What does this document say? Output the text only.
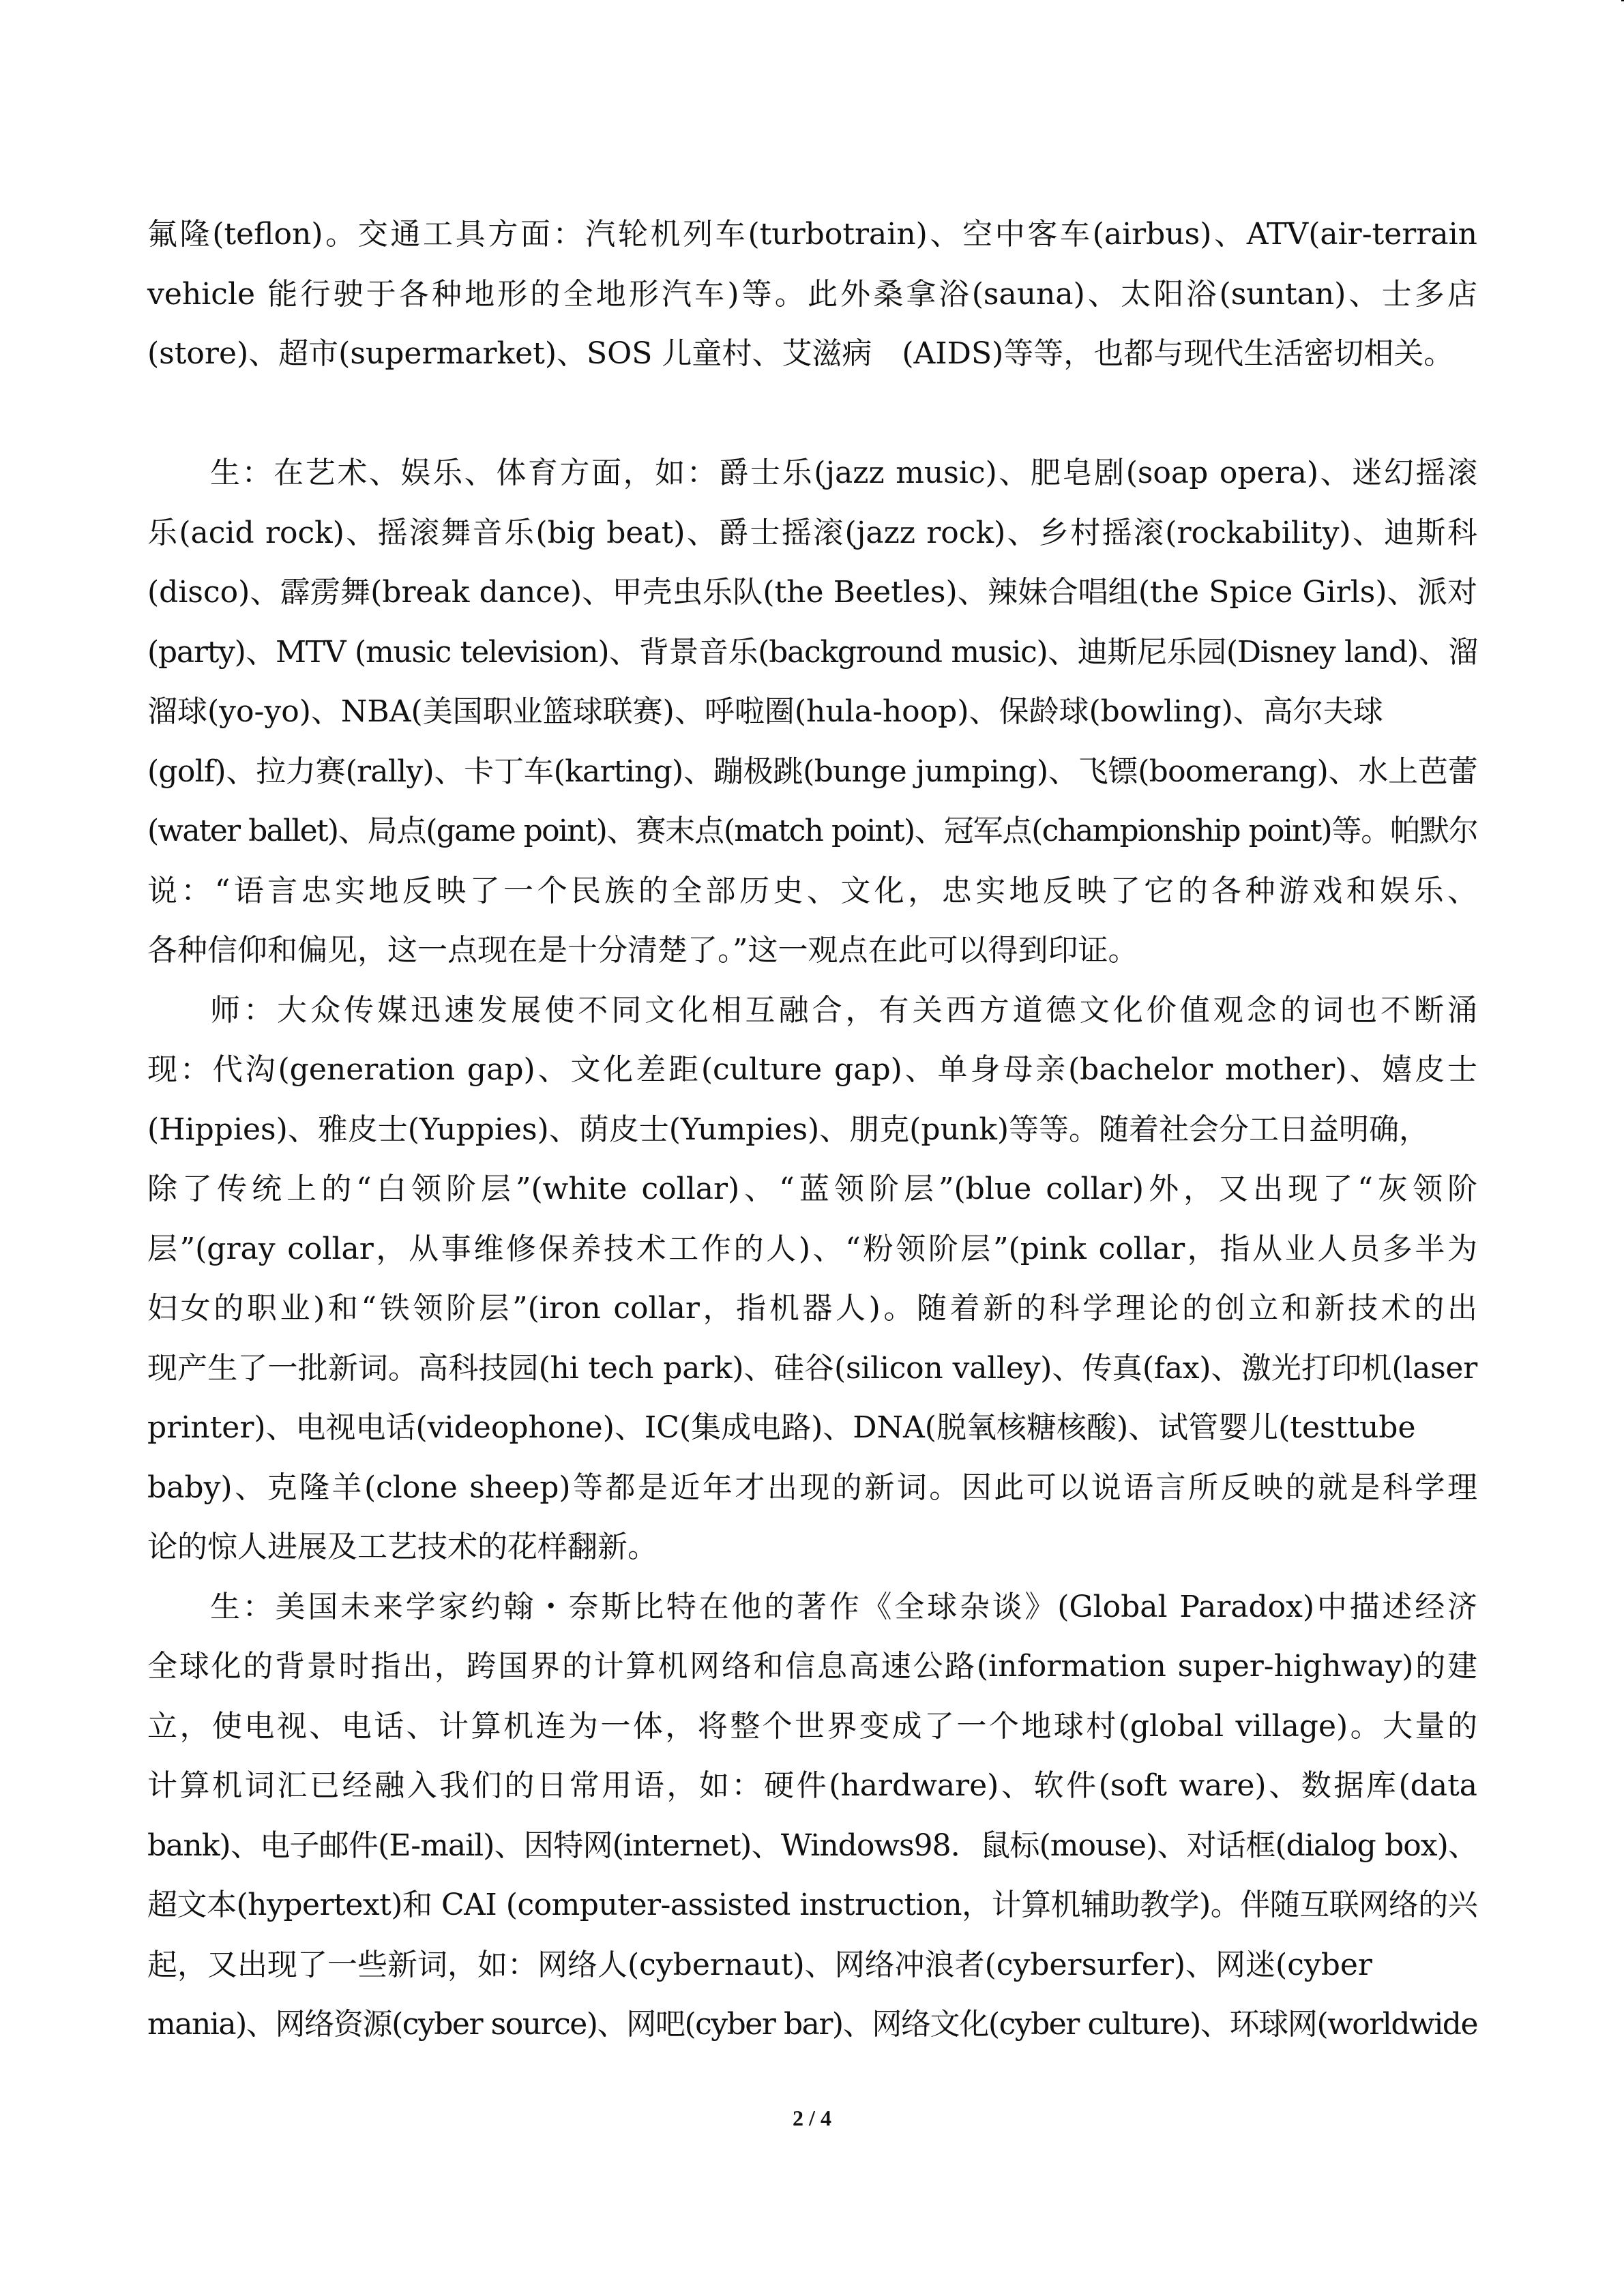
氟隆(teflon)。交通工具方面：汽轮机列车(turbotrain)、空中客车(airbus)、ATV(air-terrain
vehicle 能行驶于各种地形的全地形汽车)等。此外桑拿浴(sauna)、太阳浴(suntan)、士多店
(store)、超市(supermarket)、SOS 儿童村、艾滋病　(AIDS)等等，也都与现代生活密切相关。
生：在艺术、娱乐、体育方面，如：爵士乐(jazz music)、肥皂剧(soap opera)、迷幻摇滚
乐(acid rock)、摇滚舞音乐(big beat)、爵士摇滚(jazz rock)、乡村摇滚(rockability)、迪斯科
(disco)、霹雳舞(break dance)、甲壳虫乐队(the Beetles)、辣妹合唱组(the Spice Girls)、派对
(party)、MTV (music television)、背景音乐(background music)、迪斯尼乐园(Disney land)、溜
溜球(yo-yo)、NBA(美国职业篮球联赛)、呼啦圈(hula-hoop)、保龄球(bowling)、高尔夫球
(golf)、拉力赛(rally)、卡丁车(karting)、蹦极跳(bunge jumping)、飞镖(boomerang)、水上芭蕾
(water ballet)、局点(game point)、赛末点(match point)、冠军点(championship point)等。帕默尔
说：“语言忠实地反映了一个民族的全部历史、文化，忠实地反映了它的各种游戏和娱乐、
各种信仰和偏见，这一点现在是十分清楚了。”这一观点在此可以得到印证。
师：大众传媒迅速发展使不同文化相互融合，有关西方道德文化价值观念的词也不断涌
现：代沟(generation gap)、文化差距(culture gap)、单身母亲(bachelor mother)、嬉皮士
(Hippies)、雅皮士(Yuppies)、荫皮士(Yumpies)、朋克(punk)等等。随着社会分工日益明确，
除了传统上的“白领阶层”(white collar)、“蓝领阶层”(blue collar)外，又出现了“灰领阶
层”(gray collar，从事维修保养技术工作的人)、“粉领阶层”(pink collar，指从业人员多半为
妇女的职业)和“铁领阶层”(iron collar，指机器人)。随着新的科学理论的创立和新技术的出
现产生了一批新词。高科技园(hi tech park)、硅谷(silicon valley)、传真(fax)、激光打印机(laser
printer)、电视电话(videophone)、IC(集成电路)、DNA(脱氧核糖核酸)、试管婴儿(testtube
baby)、克隆羊(clone sheep)等都是近年才出现的新词。因此可以说语言所反映的就是科学理
论的惊人进展及工艺技术的花样翻新。
生：美国未来学家约翰・奈斯比特在他的著作《全球杂谈》(Global Paradox)中描述经济
全球化的背景时指出，跨国界的计算机网络和信息高速公路(information super-highway)的建
立，使电视、电话、计算机连为一体，将整个世界变成了一个地球村(global village)。大量的
计算机词汇已经融入我们的日常用语，如：硬件(hardware)、软件(soft ware)、数据库(data
bank)、电子邮件(E-mail)、因特网(internet)、Windows98．鼠标(mouse)、对话框(dialog box)、
超文本(hypertext)和 CAI (computer-assisted instruction，计算机辅助教学)。伴随互联网络的兴
起，又出现了一些新词，如：网络人(cybernaut)、网络冲浪者(cybersurfer)、网迷(cyber
mania)、网络资源(cyber source)、网吧(cyber bar)、网络文化(cyber culture)、环球网(worldwide
2 / 4
